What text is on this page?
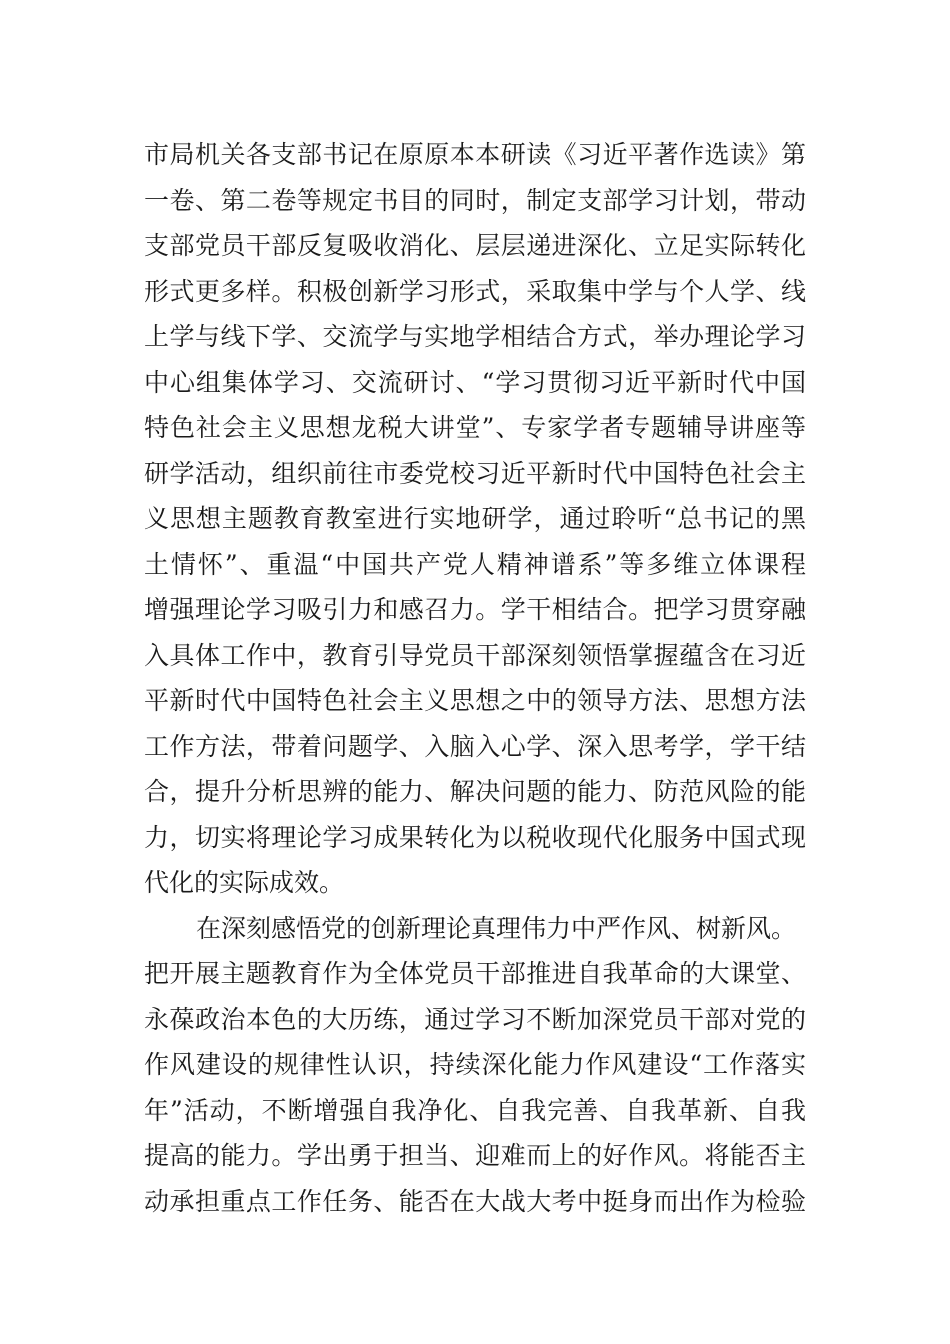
市局机关各支部书记在原原本本研读《习近平著作选读》第
一卷、第二卷等规定书目的同时，制定支部学习计划，带动
支部党员干部反复吸收消化、层层递进深化、立足实际转化
形式更多样。积极创新学习形式，采取集中学与个人学、线
上学与线下学、交流学与实地学相结合方式，举办理论学习
中心组集体学习、交流研讨、“学习贯彻习近平新时代中国
特色社会主义思想龙税大讲堂”、专家学者专题辅导讲座等
研学活动，组织前往市委党校习近平新时代中国特色社会主
义思想主题教育教室进行实地研学，通过聆听“总书记的黑
土情怀”、重温“中国共产党人精神谱系”等多维立体课程
增强理论学习吸引力和感召力。学干相结合。把学习贯穿融
入具体工作中，教育引导党员干部深刻领悟掌握蕴含在习近
平新时代中国特色社会主义思想之中的领导方法、思想方法
工作方法，带着问题学、入脑入心学、深入思考学，学干结
合，提升分析思辨的能力、解决问题的能力、防范风险的能
力，切实将理论学习成果转化为以税收现代化服务中国式现
代化的实际成效。
在深刻感悟党的创新理论真理伟力中严作风、树新风。
把开展主题教育作为全体党员干部推进自我革命的大课堂、
永葆政治本色的大历练，通过学习不断加深党员干部对党的
作风建设的规律性认识，持续深化能力作风建设“工作落实
年”活动，不断增强自我净化、自我完善、自我革新、自我
提高的能力。学出勇于担当、迎难而上的好作风。将能否主
动承担重点工作任务、能否在大战大考中挺身而出作为检验
